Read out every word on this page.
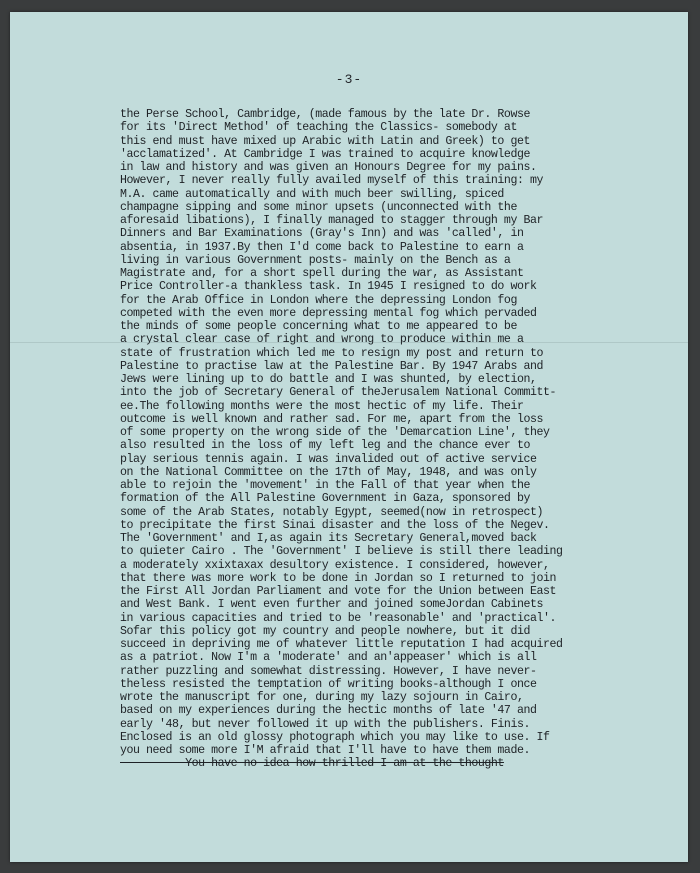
-3-
the Perse School, Cambridge, (made famous by the late Dr. Rowse
for its 'Direct Method' of teaching the Classics- somebody at
this end must have mixed up Arabic with Latin and Greek) to get
'acclamatized'. At Cambridge I was trained to acquire knowledge
in law and history and was given an Honours Degree for my pains.
However, I never really fully availed myself of this training: my
M.A. came automatically and with much beer swilling, spiced
champagne sipping and some minor upsets (unconnected with the
aforesaid libations), I finally managed to stagger through my Bar
Dinners and Bar Examinations (Gray's Inn) and was 'called', in
absentia, in 1937.By then I'd come back to Palestine to earn a
living in various Government posts- mainly on the Bench as a
Magistrate and, for a short spell during the war, as Assistant
Price Controller-a thankless task. In 1945 I resigned to do work
for the Arab Office in London where the depressing London fog
competed with the even more depressing mental fog which pervaded
the minds of some people concerning what to me appeared to be
a crystal clear case of right and wrong to produce within me a
state of frustration which led me to resign my post and return to
Palestine to practise law at the Palestine Bar. By 1947 Arabs and
Jews were lining up to do battle and I was shunted, by election,
into the job of Secretary General of theJerusalem National Committ-
ee.The following months were the most hectic of my life. Their
outcome is well known and rather sad. For me, apart from the loss
of some property on the wrong side of the 'Demarcation Line', they
also resulted in the loss of my left leg and the chance ever to
play serious tennis again. I was invalided out of active service
on the National Committee on the 17th of May, 1948, and was only
able to rejoin the 'movement' in the Fall of that year when the
formation of the All Palestine Government in Gaza, sponsored by
some of the Arab States, notably Egypt, seemed(now in retrospect)
to precipitate the first Sinai disaster and the loss of the Negev.
The 'Government' and I,as again its Secretary General,moved back
to quieter Cairo . The 'Government' I believe is still there leading
a moderately xxixtaxax desultory existence. I considered, however,
that there was more work to be done in Jordan so I returned to join
the First All Jordan Parliament and vote for the Union between East
and West Bank. I went even further and joined someJordan Cabinets
in various capacities and tried to be 'reasonable' and 'practical'.
Sofar this policy got my country and people nowhere, but it did
succeed in depriving me of whatever little reputation I had acquired
as a patriot. Now I'm a 'moderate' and an'appeaser' which is all
rather puzzling and somewhat distressing. However, I have never-
theless resisted the temptation of writing books-although I once
wrote the manuscript for one, during my lazy sojourn in Cairo,
based on my experiences during the hectic months of late '47 and
early '48, but never followed it up with the publishers. Finis.
Enclosed is an old glossy photograph which you may like to use. If
you need some more I'M afraid that I'll have to have them made.
You have no idea how thrilled I am at the thought
